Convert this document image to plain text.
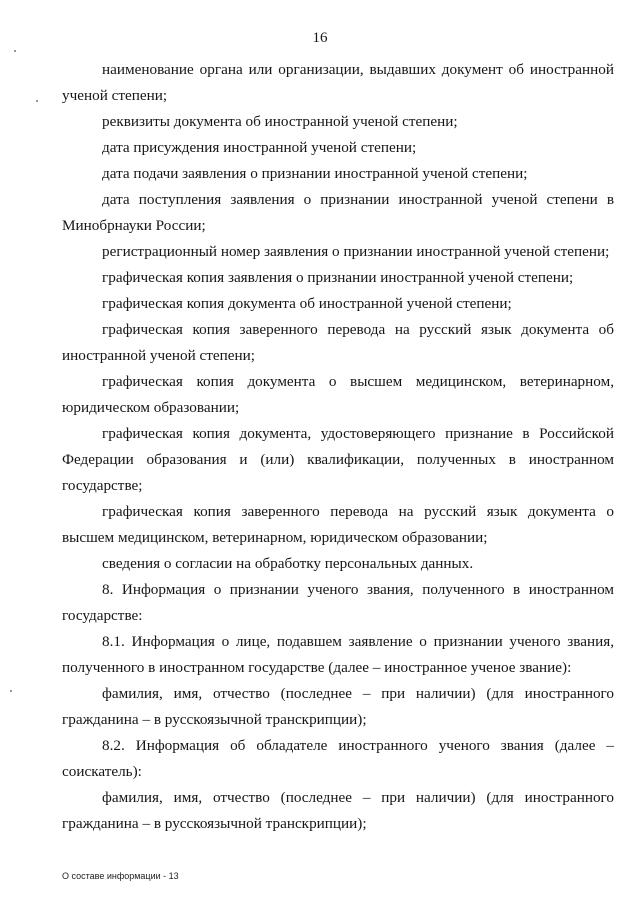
16

наименование органа или организации, выдавших документ об иностранной ученой степени;

реквизиты документа об иностранной ученой степени;

дата присуждения иностранной ученой степени;

дата подачи заявления о признании иностранной ученой степени;

дата поступления заявления о признании иностранной ученой степени в Минобрнауки России;

регистрационный номер заявления о признании иностранной ученой степени;

графическая копия заявления о признании иностранной ученой степени;

графическая копия документа об иностранной ученой степени;

графическая копия заверенного перевода на русский язык документа об иностранной ученой степени;

графическая копия документа о высшем медицинском, ветеринарном, юридическом образовании;

графическая копия документа, удостоверяющего признание в Российской Федерации образования и (или) квалификации, полученных в иностранном государстве;

графическая копия заверенного перевода на русский язык документа о высшем медицинском, ветеринарном, юридическом образовании;

сведения о согласии на обработку персональных данных.

8. Информация о признании ученого звания, полученного в иностранном государстве:

8.1. Информация о лице, подавшем заявление о признании ученого звания, полученного в иностранном государстве (далее – иностранное ученое звание):

фамилия, имя, отчество (последнее – при наличии) (для иностранного гражданина – в русскоязычной транскрипции);

8.2. Информация об обладателе иностранного ученого звания (далее – соискатель):

фамилия, имя, отчество (последнее – при наличии) (для иностранного гражданина – в русскоязычной транскрипции);

О составе информации - 13
